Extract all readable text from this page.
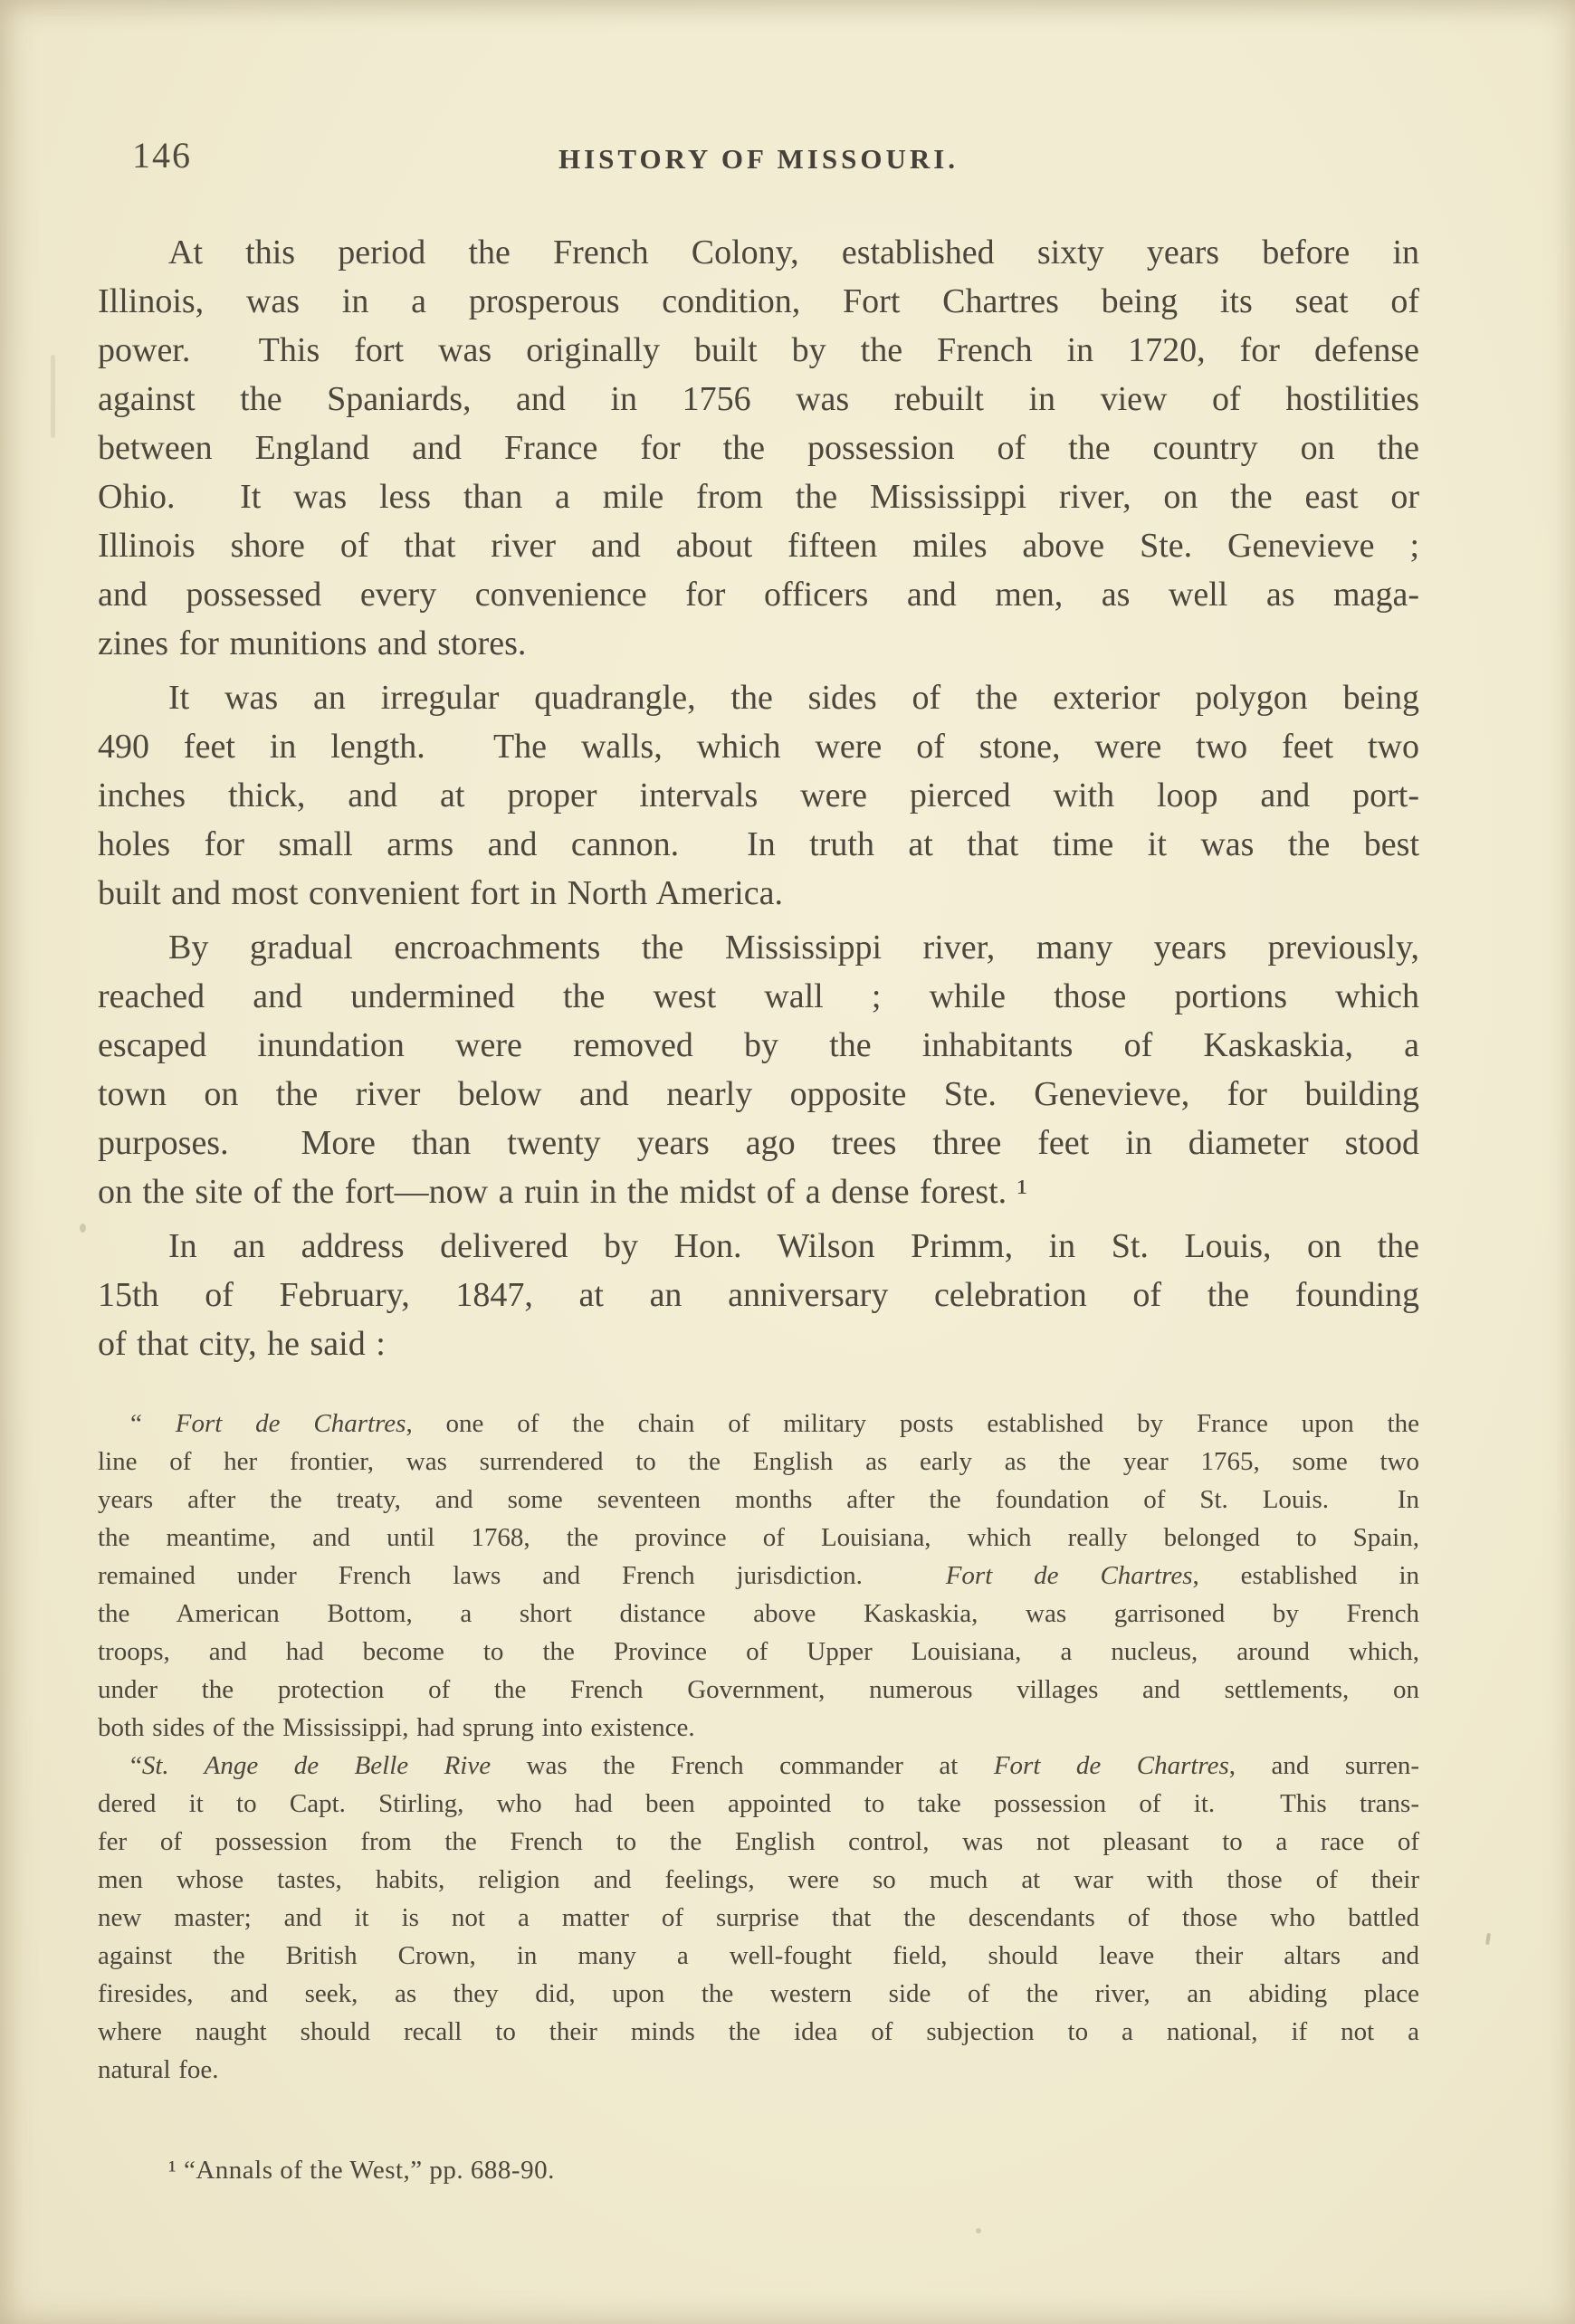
146	HISTORY OF MISSOURI.

At this period the French Colony, established sixty years before in
Illinois, was in a prosperous condition, Fort Chartres being its seat of
power.  This fort was originally built by the French in 1720, for defense
against the Spaniards, and in 1756 was rebuilt in view of hostilities
between England and France for the possession of the country on the
Ohio.  It was less than a mile from the Mississippi river, on the east or
Illinois shore of that river and about fifteen miles above Ste. Genevieve ;
and possessed every convenience for officers and men, as well as maga-
zines for munitions and stores.

It was an irregular quadrangle, the sides of the exterior polygon being
490 feet in length.  The walls, which were of stone, were two feet two
inches thick, and at proper intervals were pierced with loop and port-
holes for small arms and cannon.  In truth at that time it was the best
built and most convenient fort in North America.

By gradual encroachments the Mississippi river, many years previously,
reached and undermined the west wall ; while those portions which
escaped inundation were removed by the inhabitants of Kaskaskia, a
town on the river below and nearly opposite Ste. Genevieve, for building
purposes.  More than twenty years ago trees three feet in diameter stood
on the site of the fort—now a ruin in the midst of a dense forest. ¹

In an address delivered by Hon. Wilson Primm, in St. Louis, on the
15th of February, 1847, at an anniversary celebration of the founding
of that city, he said :

“ Fort de Chartres, one of the chain of military posts established by France upon the
line of her frontier, was surrendered to the English as early as the year 1765, some two
years after the treaty, and some seventeen months after the foundation of St. Louis.  In
the meantime, and until 1768, the province of Louisiana, which really belonged to Spain,
remained under French laws and French jurisdiction.  Fort de Chartres, established in
the American Bottom, a short distance above Kaskaskia, was garrisoned by French
troops, and had become to the Province of Upper Louisiana, a nucleus, around which,
under the protection of the French Government, numerous villages and settlements, on
both sides of the Mississippi, had sprung into existence.

“St. Ange de Belle Rive was the French commander at Fort de Chartres, and surren-
dered it to Capt. Stirling, who had been appointed to take possession of it.  This trans-
fer of possession from the French to the English control, was not pleasant to a race of
men whose tastes, habits, religion and feelings, were so much at war with those of their
new master; and it is not a matter of surprise that the descendants of those who battled
against the British Crown, in many a well-fought field, should leave their altars and
firesides, and seek, as they did, upon the western side of the river, an abiding place
where naught should recall to their minds the idea of subjection to a national, if not a
natural foe.

¹ “Annals of the West,” pp. 688-90.
